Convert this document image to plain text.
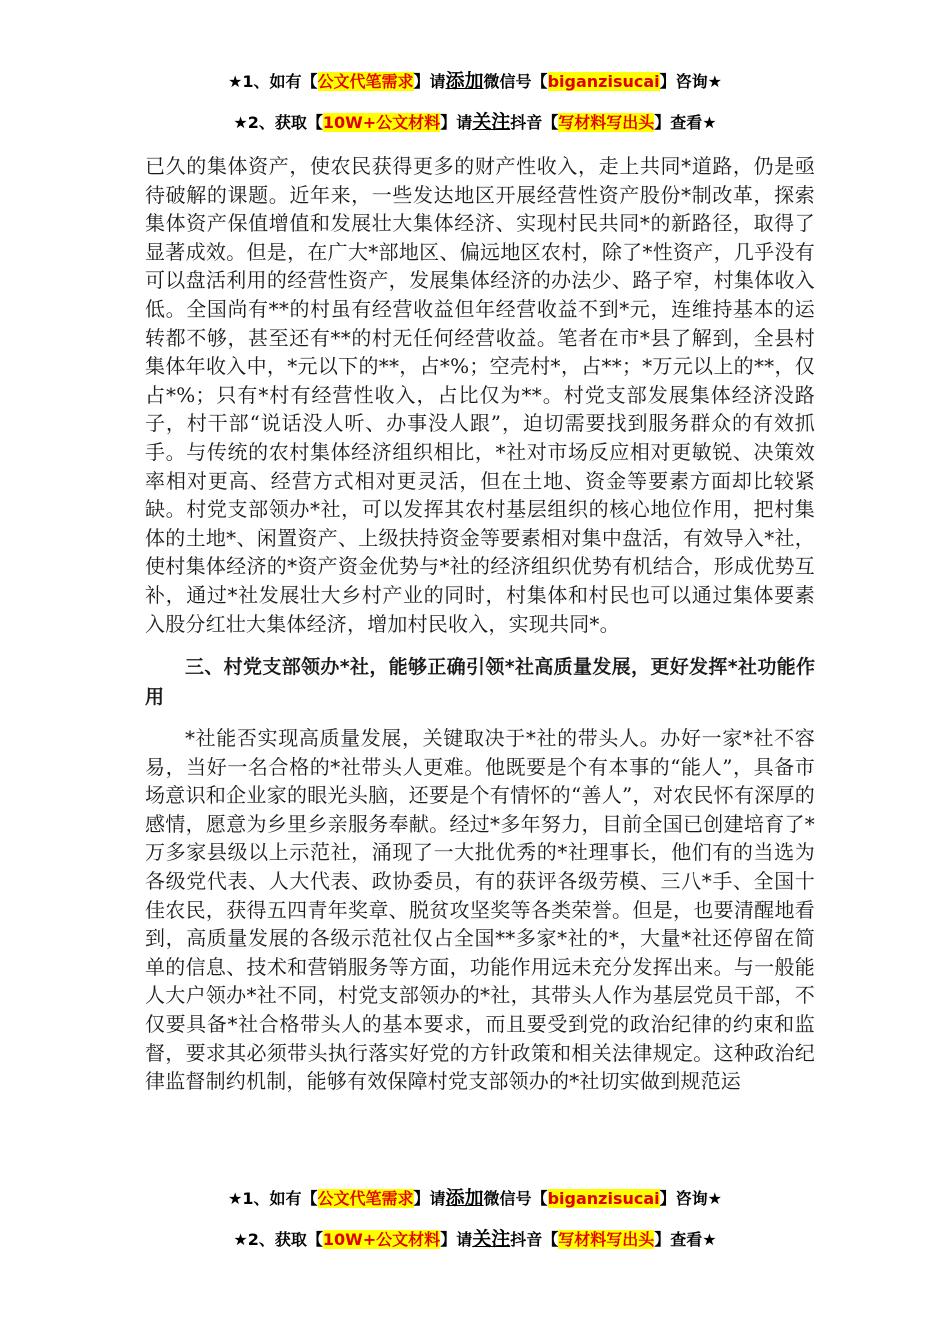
★1、如有【公文代笔需求】请添加微信号【biganzisucai】咨询★
★2、获取【10W+公文材料】请关注抖音【写材料写出头】查看★

已久的集体资产，使农民获得更多的财产性收入，走上共同*道路，仍是亟待破解的课题。近年来，一些发达地区开展经营性资产股份*制改革，探索集体资产保值增值和发展壮大集体经济、实现村民共同*的新路径，取得了显著成效。但是，在广大*部地区、偏远地区农村，除了*性资产，几乎没有可以盘活利用的经营性资产，发展集体经济的办法少、路子窄，村集体收入低。全国尚有**的村虽有经营收益但年经营收益不到*元，连维持基本的运转都不够，甚至还有**的村无任何经营收益。笔者在市*县了解到，全县村集体年收入中，*元以下的**，占*%；空壳村*，占**；*万元以上的**，仅占*%；只有*村有经营性收入，占比仅为**。村党支部发展集体经济没路子，村干部“说话没人听、办事没人跟”，迫切需要找到服务群众的有效抓手。与传统的农村集体经济组织相比，*社对市场反应相对更敏锐、决策效率相对更高、经营方式相对更灵活，但在土地、资金等要素方面却比较紧缺。村党支部领办*社，可以发挥其农村基层组织的核心地位作用，把村集体的土地*、闲置资产、上级扶持资金等要素相对集中盘活，有效导入*社，使村集体经济的*资产资金优势与*社的经济组织优势有机结合，形成优势互补，通过*社发展壮大乡村产业的同时，村集体和村民也可以通过集体要素入股分红壮大集体经济，增加村民收入，实现共同*。

三、村党支部领办*社，能够正确引领*社高质量发展，更好发挥*社功能作用

*社能否实现高质量发展，关键取决于*社的带头人。办好一家*社不容易，当好一名合格的*社带头人更难。他既要是个有本事的“能人”，具备市场意识和企业家的眼光头脑，还要是个有情怀的“善人”，对农民怀有深厚的感情，愿意为乡里乡亲服务奉献。经过*多年努力，目前全国已创建培育了*万多家县级以上示范社，涌现了一大批优秀的*社理事长，他们有的当选为各级党代表、人大代表、政协委员，有的获评各级劳模、三八*手、全国十佳农民，获得五四青年奖章、脱贫攻坚奖等各类荣誉。但是，也要清醒地看到，高质量发展的各级示范社仅占全国**多家*社的*，大量*社还停留在简单的信息、技术和营销服务等方面，功能作用远未充分发挥出来。与一般能人大户领办*社不同，村党支部领办的*社，其带头人作为基层党员干部，不仅要具备*社合格带头人的基本要求，而且要受到党的政治纪律的约束和监督，要求其必须带头执行落实好党的方针政策和相关法律规定。这种政治纪律监督制约机制，能够有效保障村党支部领办的*社切实做到规范运

★1、如有【公文代笔需求】请添加微信号【biganzisucai】咨询★
★2、获取【10W+公文材料】请关注抖音【写材料写出头】查看★
